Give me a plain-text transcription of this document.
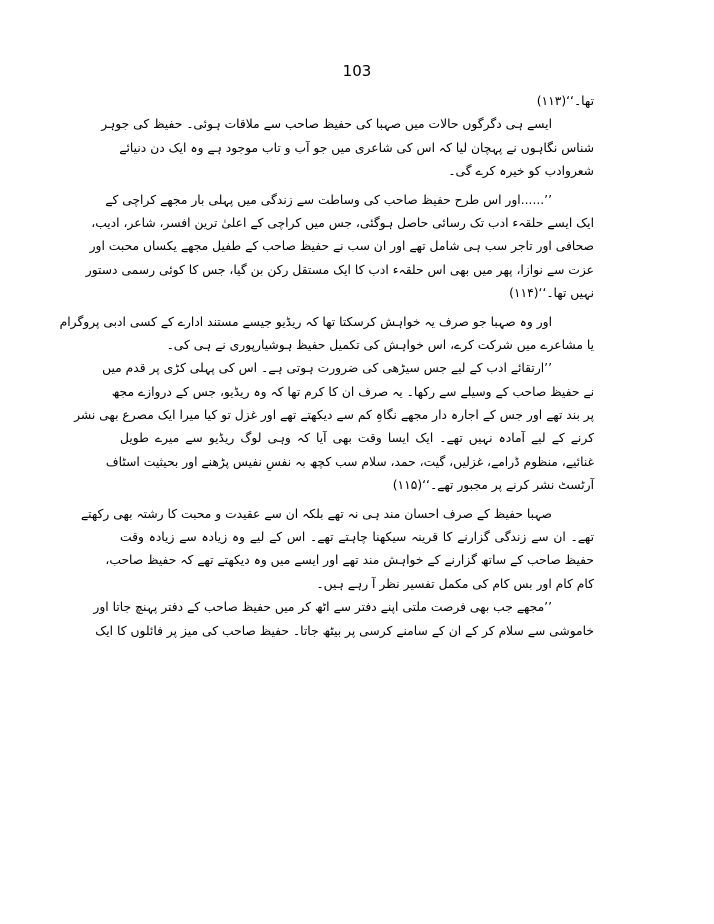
103
تھا۔‘‘(۱۱۳)
ایسے ہی دگرگوں حالات میں صہبا کی حفیظ صاحب سے ملاقات ہوئی۔ حفیظ کی جوہر
شناس نگاہوں نے پہچان لیا کہ اس کی شاعری میں جو آب و تاب موجود ہے وہ ایک دن دنیائے
شعروادب کو خیرہ کرے گی۔
’’......اور اس طرح حفیظ صاحب کی وساطت سے زندگی میں پہلی بار مجھے کراچی کے
ایک ایسے حلقہء ادب تک رسائی حاصل ہوگئی، جس میں کراچی کے اعلیٰ ترین افسر، شاعر، ادیب،
صحافی اور تاجر سب ہی شامل تھے اور ان سب نے حفیظ صاحب کے طفیل مجھے یکساں محبت اور
عزت سے نوازا، پھر میں بھی اس حلقہء ادب کا ایک مستقل رکن بن گیا، جس کا کوئی رسمی دستور
نہیں تھا۔‘‘(۱۱۴)
اور وہ صہبا جو صرف یہ خواہش کرسکتا تھا کہ ریڈیو جیسے مستند ادارے کے کسی ادبی پروگرام
یا مشاعرے میں شرکت کرے، اس خواہش کی تکمیل حفیظ ہوشیارپوری نے ہی کی۔
’’ارتقائے ادب کے لیے جس سیڑھی کی ضرورت ہوتی ہے۔ اس کی پہلی کڑی پر قدم میں
نے حفیظ صاحب کے وسیلے سے رکھا۔ یہ صرف ان کا کرم تھا کہ وہ ریڈیو، جس کے دروازے مجھ
پر بند تھے اور جس کے اجارہ دار مجھے نگاہِ کم سے دیکھتے تھے اور غزل تو کیا میرا ایک مصرع بھی نشر
کرنے کے لیے آمادہ نہیں تھے۔ ایک ایسا وقت بھی آیا کہ وہی لوگ ریڈیو سے میرے طویل
غنائیے، منظوم ڈرامے، غزلیں، گیت، حمد، سلام سب کچھ بہ نفسِ نفیس پڑھنے اور بحیثیت اسٹاف
آرٹسٹ نشر کرنے پر مجبور تھے۔‘‘(۱۱۵)
صہبا حفیظ کے صرف احسان مند ہی نہ تھے بلکہ ان سے عقیدت و محبت کا رشتہ بھی رکھتے
تھے۔ ان سے زندگی گزارنے کا قرینہ سیکھنا چاہتے تھے۔ اس کے لیے وہ زیادہ سے زیادہ وقت
حفیظ صاحب کے ساتھ گزارنے کے خواہش مند تھے اور ایسے میں وہ دیکھتے تھے کہ حفیظ صاحب،
کام کام اور بس کام کی مکمل تفسیر نظر آ رہے ہیں۔
’’مجھے جب بھی فرصت ملتی اپنے دفتر سے اٹھ کر میں حفیظ صاحب کے دفتر پہنچ جاتا اور
خاموشی سے سلام کر کے ان کے سامنے کرسی پر بیٹھ جاتا۔ حفیظ صاحب کی میز پر فائلوں کا ایک
